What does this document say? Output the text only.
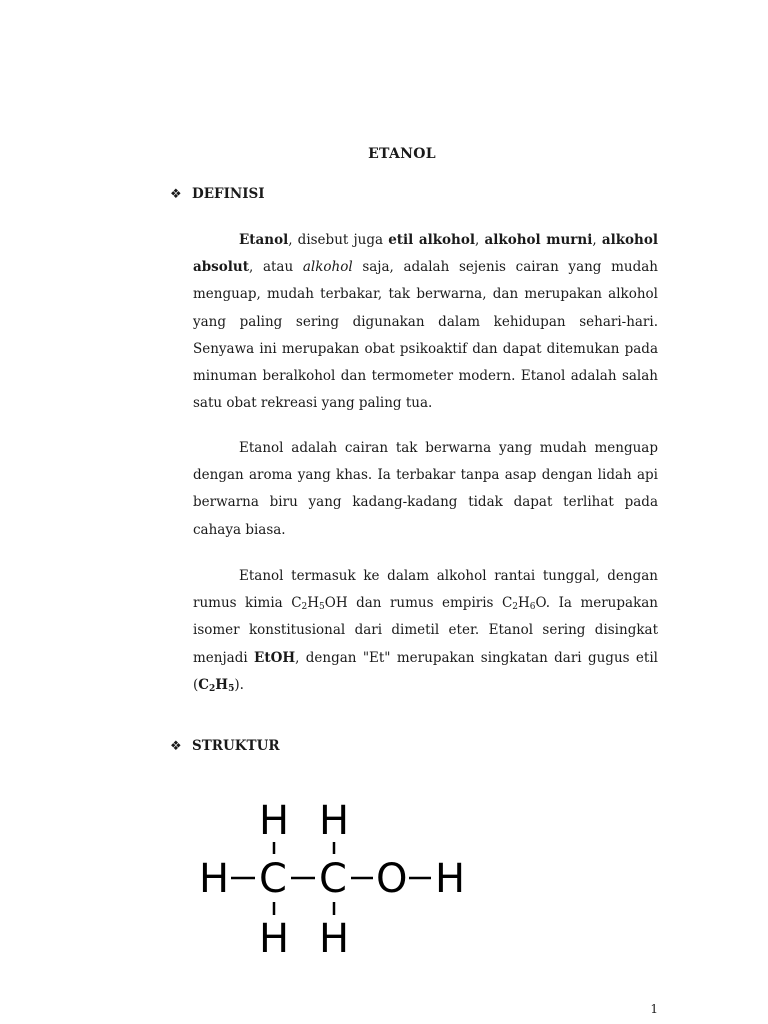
ETANOL
❖ DEFINISI

Etanol, disebut juga etil alkohol, alkohol murni, alkohol absolut, atau alkohol saja, adalah sejenis cairan yang mudah menguap, mudah terbakar, tak berwarna, dan merupakan alkohol yang paling sering digunakan dalam kehidupan sehari-hari. Senyawa ini merupakan obat psikoaktif dan dapat ditemukan pada minuman beralkohol dan termometer modern. Etanol adalah salah satu obat rekreasi yang paling tua.

Etanol adalah cairan tak berwarna yang mudah menguap dengan aroma yang khas. Ia terbakar tanpa asap dengan lidah api berwarna biru yang kadang-kadang tidak dapat terlihat pada cahaya biasa.

Etanol termasuk ke dalam alkohol rantai tunggal, dengan rumus kimia $C_2H_5OH$ dan rumus empiris $C_2H_6O$. Ia merupakan isomer konstitusional dari dimetil eter. Etanol sering disingkat menjadi EtOH, dengan "Et" merupakan singkatan dari gugus etil $(C_2H_5)$.

❖ STRUKTUR
H H
H C C O H
H H
1
